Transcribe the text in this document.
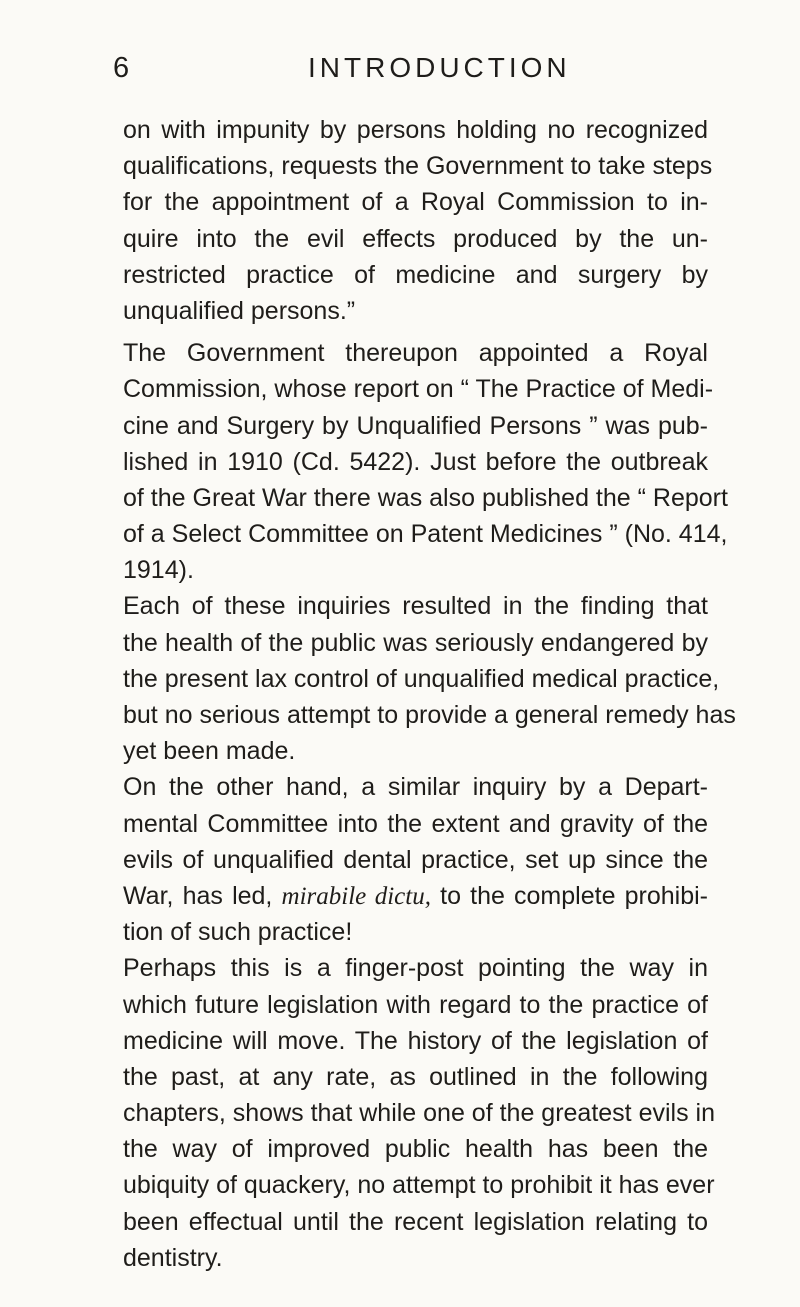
6	INTRODUCTION
on with impunity by persons holding no recognized
qualifications, requests the Government to take steps
for the appointment of a Royal Commission to in-
quire into the evil effects produced by the un-
restricted practice of medicine and surgery by
unqualified persons.”
The Government thereupon appointed a Royal
Commission, whose report on “ The Practice of Medi-
cine and Surgery by Unqualified Persons ” was pub-
lished in 1910 (Cd. 5422). Just before the outbreak
of the Great War there was also published the “ Report
of a Select Committee on Patent Medicines ” (No. 414,
1914).
Each of these inquiries resulted in the finding that
the health of the public was seriously endangered by
the present lax control of unqualified medical practice,
but no serious attempt to provide a general remedy has
yet been made.
On the other hand, a similar inquiry by a Depart-
mental Committee into the extent and gravity of the
evils of unqualified dental practice, set up since the
War, has led, mirabile dictu, to the complete prohibi-
tion of such practice!
Perhaps this is a finger-post pointing the way in
which future legislation with regard to the practice of
medicine will move. The history of the legislation of
the past, at any rate, as outlined in the following
chapters, shows that while one of the greatest evils in
the way of improved public health has been the
ubiquity of quackery, no attempt to prohibit it has ever
been effectual until the recent legislation relating to
dentistry.
